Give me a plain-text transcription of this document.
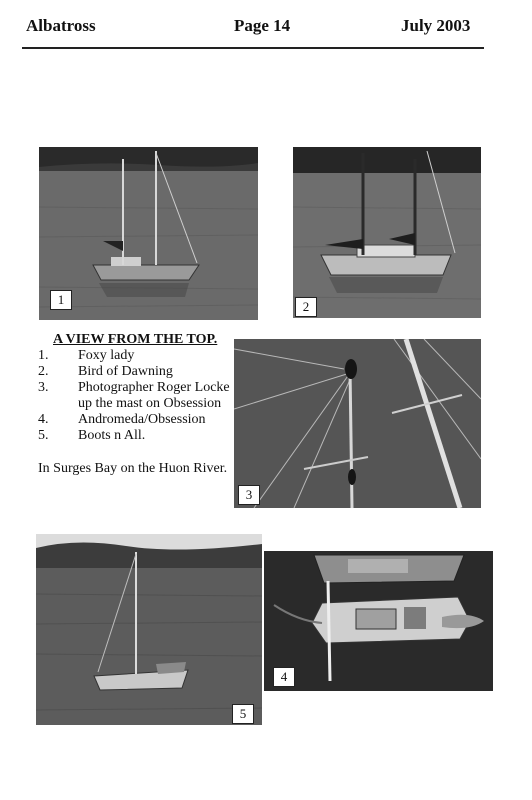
Albatross	Page 14	July 2003
1	2
3
5
4
A VIEW FROM THE TOP.
1.	Foxy lady
2.	Bird of Dawning
3.	Photographer Roger Locke
up the mast on Obsession
4.	Andromeda/Obsession
5.	Boots n All.
In Surges Bay on the Huon River.
